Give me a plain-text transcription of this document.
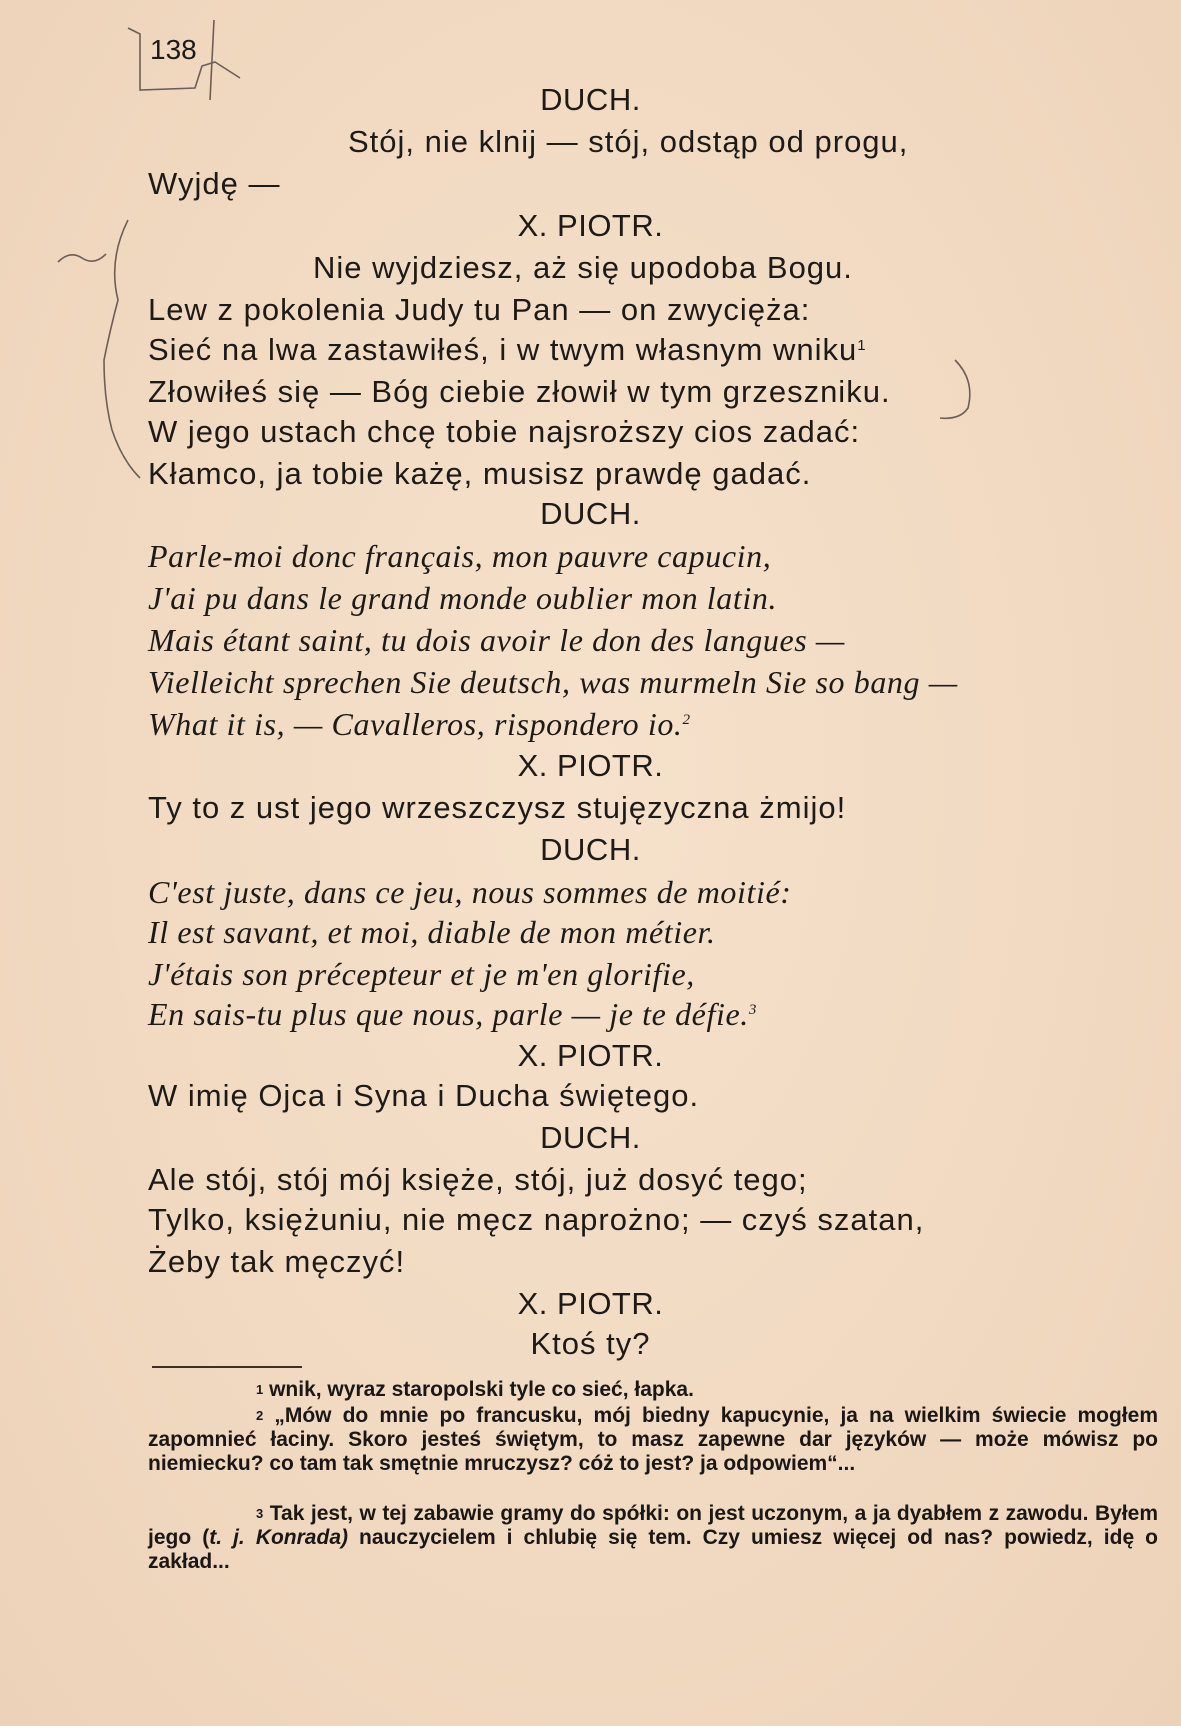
138
DUCH.
Stój, nie klnij — stój, odstąp od progu,
Wyjdę —
X. PIOTR.
Nie wyjdziesz, aż się upodoba Bogu.
Lew z pokolenia Judy tu Pan — on zwycięża:
Sieć na lwa zastawiłeś, i w twym własnym wniku$^1$
Złowiłeś się — Bóg ciebie złowił w tym grzeszniku.
W jego ustach chcę tobie najsroższy cios zadać:
Kłamco, ja tobie każę, musisz prawdę gadać.
DUCH.
Parle-moi donc français, mon pauvre capucin,
J'ai pu dans le grand monde oublier mon latin.
Mais étant saint, tu dois avoir le don des langues —
Vielleicht sprechen Sie deutsch, was murmeln Sie so bang —
What it is, — Cavalleros, rispondero io.$^2$
X. PIOTR.
Ty to z ust jego wrzeszczysz stujęzyczna żmijo!
DUCH.
C'est juste, dans ce jeu, nous sommes de moitié:
Il est savant, et moi, diable de mon métier.
J'étais son précepteur et je m'en glorifie,
En sais-tu plus que nous, parle — je te défie.$^3$
X. PIOTR.
W imię Ojca i Syna i Ducha świętego.
DUCH.
Ale stój, stój mój księże, stój, już dosyć tego;
Tylko, księżuniu, nie męcz naprożno; — czyś szatan,
Żeby tak męczyć!
X. PIOTR.
Ktoś ty?
$^1$ wnik, wyraz staropolski tyle co sieć, łapka.
$^2$ „Mów do mnie po francusku, mój biedny kapucynie, ja na wielkim świecie mogłem zapomnieć łaciny. Skoro jesteś świętym, to masz zapewne dar języków — może mówisz po niemiecku? co tam tak smętnie mruczysz? cóż to jest? ja odpowiem“...
$^3$ Tak jest, w tej zabawie gramy do spółki: on jest uczonym, a ja dyabłem z zawodu. Byłem jego (t. j. Konrada) nauczycielem i chlubię się tem. Czy umiesz więcej od nas? powiedz, idę o zakład...
